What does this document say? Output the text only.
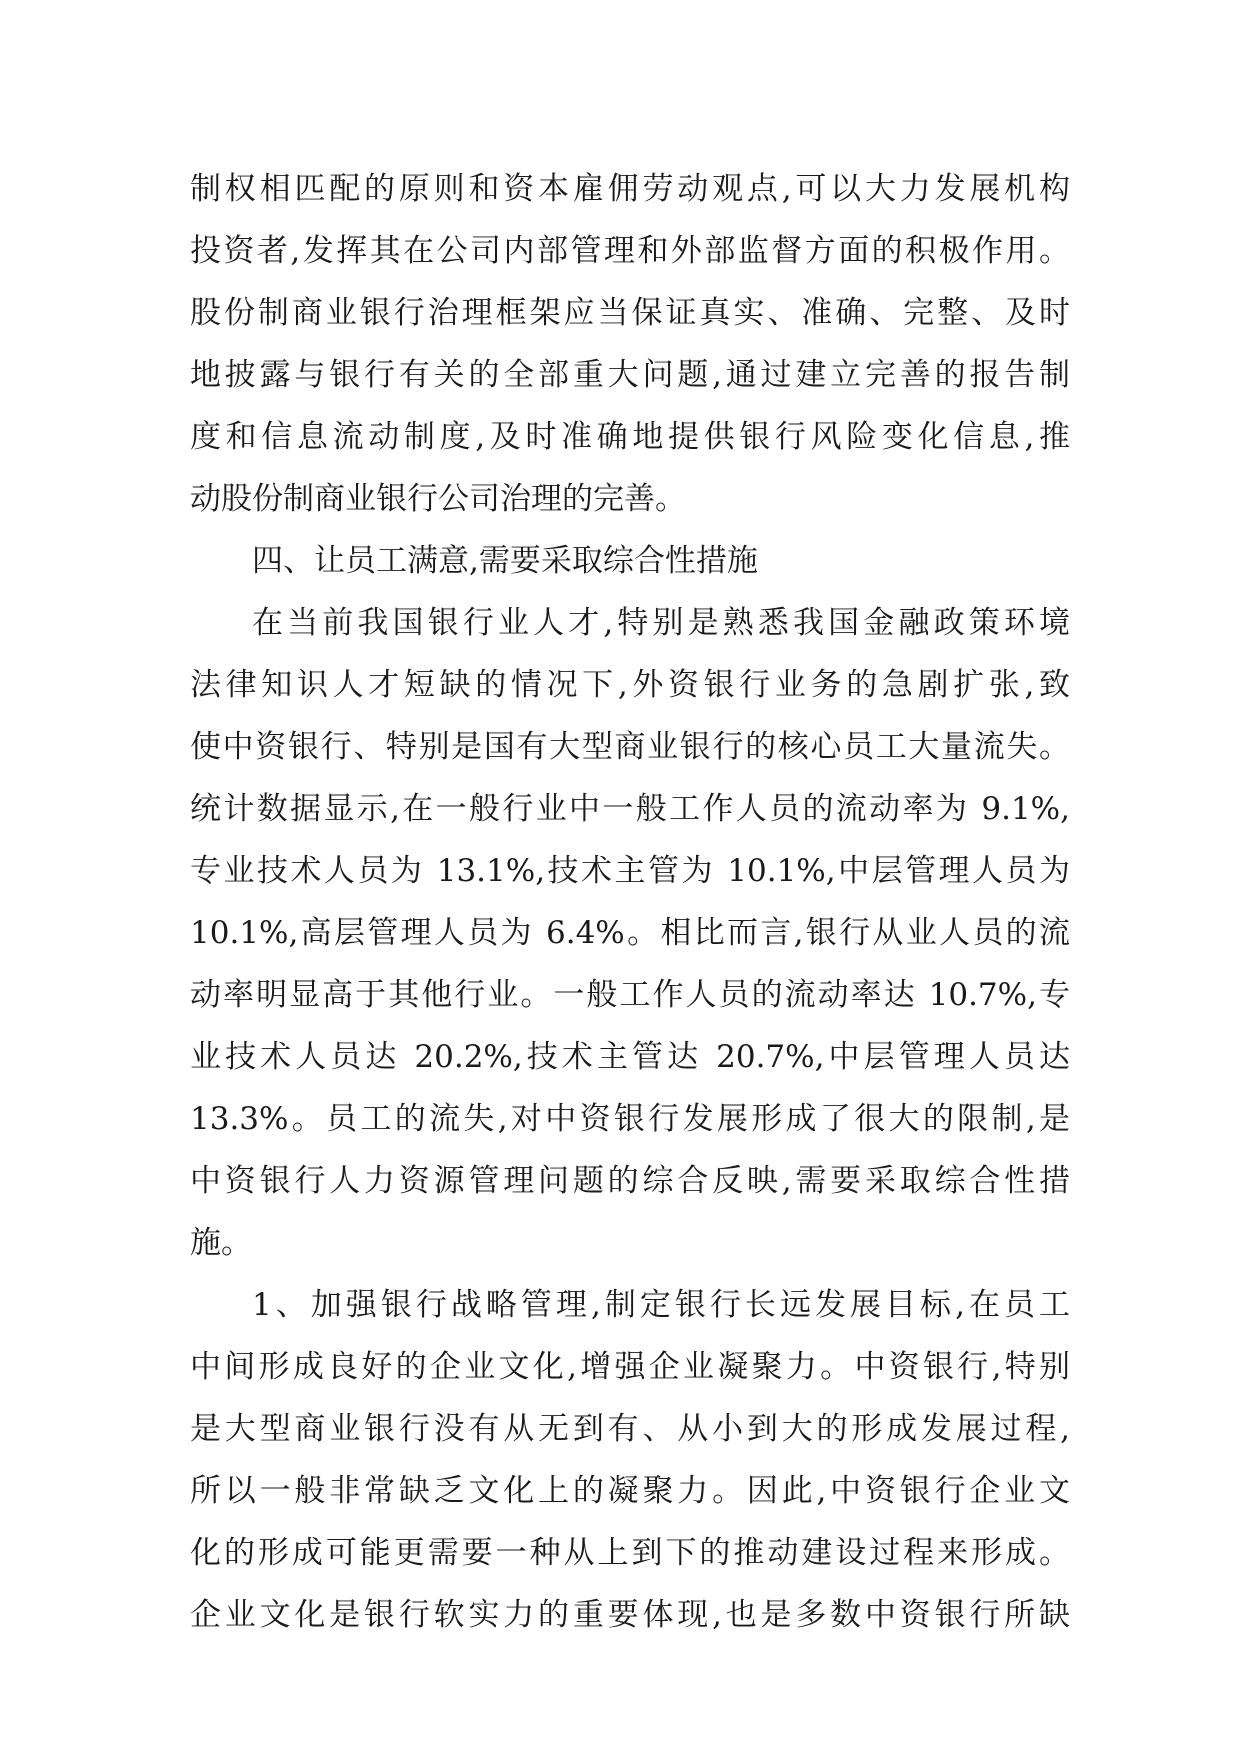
制权相匹配的原则和资本雇佣劳动观点,可以大力发展机构
投资者,发挥其在公司内部管理和外部监督方面的积极作用。
股份制商业银行治理框架应当保证真实、准确、完整、及时
地披露与银行有关的全部重大问题,通过建立完善的报告制
度和信息流动制度,及时准确地提供银行风险变化信息,推
动股份制商业银行公司治理的完善。
四、让员工满意,需要采取综合性措施
在当前我国银行业人才,特别是熟悉我国金融政策环境
法律知识人才短缺的情况下,外资银行业务的急剧扩张,致
使中资银行、特别是国有大型商业银行的核心员工大量流失。
统计数据显示,在一般行业中一般工作人员的流动率为 9.1%,
专业技术人员为 13.1%,技术主管为 10.1%,中层管理人员为
10.1%,高层管理人员为 6.4%。相比而言,银行从业人员的流
动率明显高于其他行业。一般工作人员的流动率达 10.7%,专
业技术人员达 20.2%,技术主管达 20.7%,中层管理人员达
13.3%。员工的流失,对中资银行发展形成了很大的限制,是
中资银行人力资源管理问题的综合反映,需要采取综合性措
施。
1、加强银行战略管理,制定银行长远发展目标,在员工
中间形成良好的企业文化,增强企业凝聚力。中资银行,特别
是大型商业银行没有从无到有、从小到大的形成发展过程,
所以一般非常缺乏文化上的凝聚力。因此,中资银行企业文
化的形成可能更需要一种从上到下的推动建设过程来形成。
企业文化是银行软实力的重要体现,也是多数中资银行所缺
